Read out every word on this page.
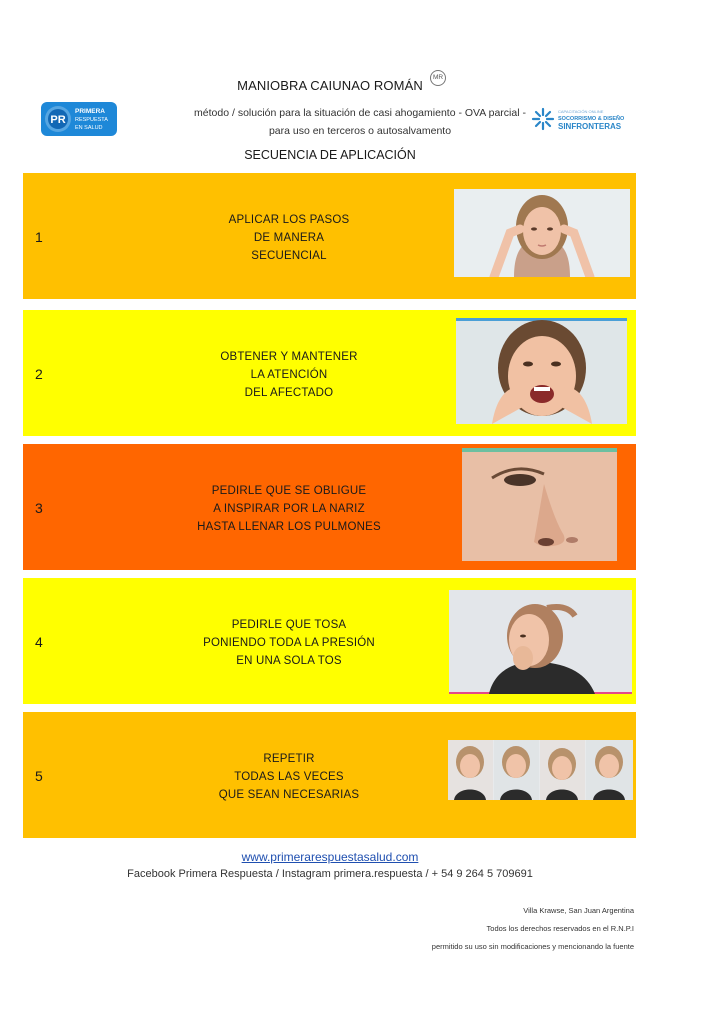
MANIOBRA CAIUNAO ROMÁN
MR
método / solución para la situación de casi ahogamiento - OVA parcial -
para uso en terceros o autosalvamento
SECUENCIA DE APLICACIÓN
PR
PRIMERA
RESPUESTA
EN SALUD
CAPACITACIÓN ONLINE
SOCORRISMO & DISEÑO
SINFRONTERAS
1
APLICAR LOS PASOS
DE MANERA
SECUENCIAL
2
OBTENER Y MANTENER
LA ATENCIÓN
DEL AFECTADO
3
PEDIRLE QUE SE OBLIGUE
A INSPIRAR POR LA NARIZ
HASTA LLENAR LOS PULMONES
4
PEDIRLE QUE TOSA
PONIENDO TODA LA PRESIÓN
EN UNA SOLA TOS
5
REPETIR
TODAS LAS VECES
QUE SEAN NECESARIAS
www.primerarespuestasalud.com
Facebook Primera Respuesta / Instagram primera.respuesta / + 54 9 264 5 709691
Villa Krawse, San Juan Argentina
Todos los derechos reservados en el R.N.P.I
permitido su uso sin modificaciones y mencionando la fuente
